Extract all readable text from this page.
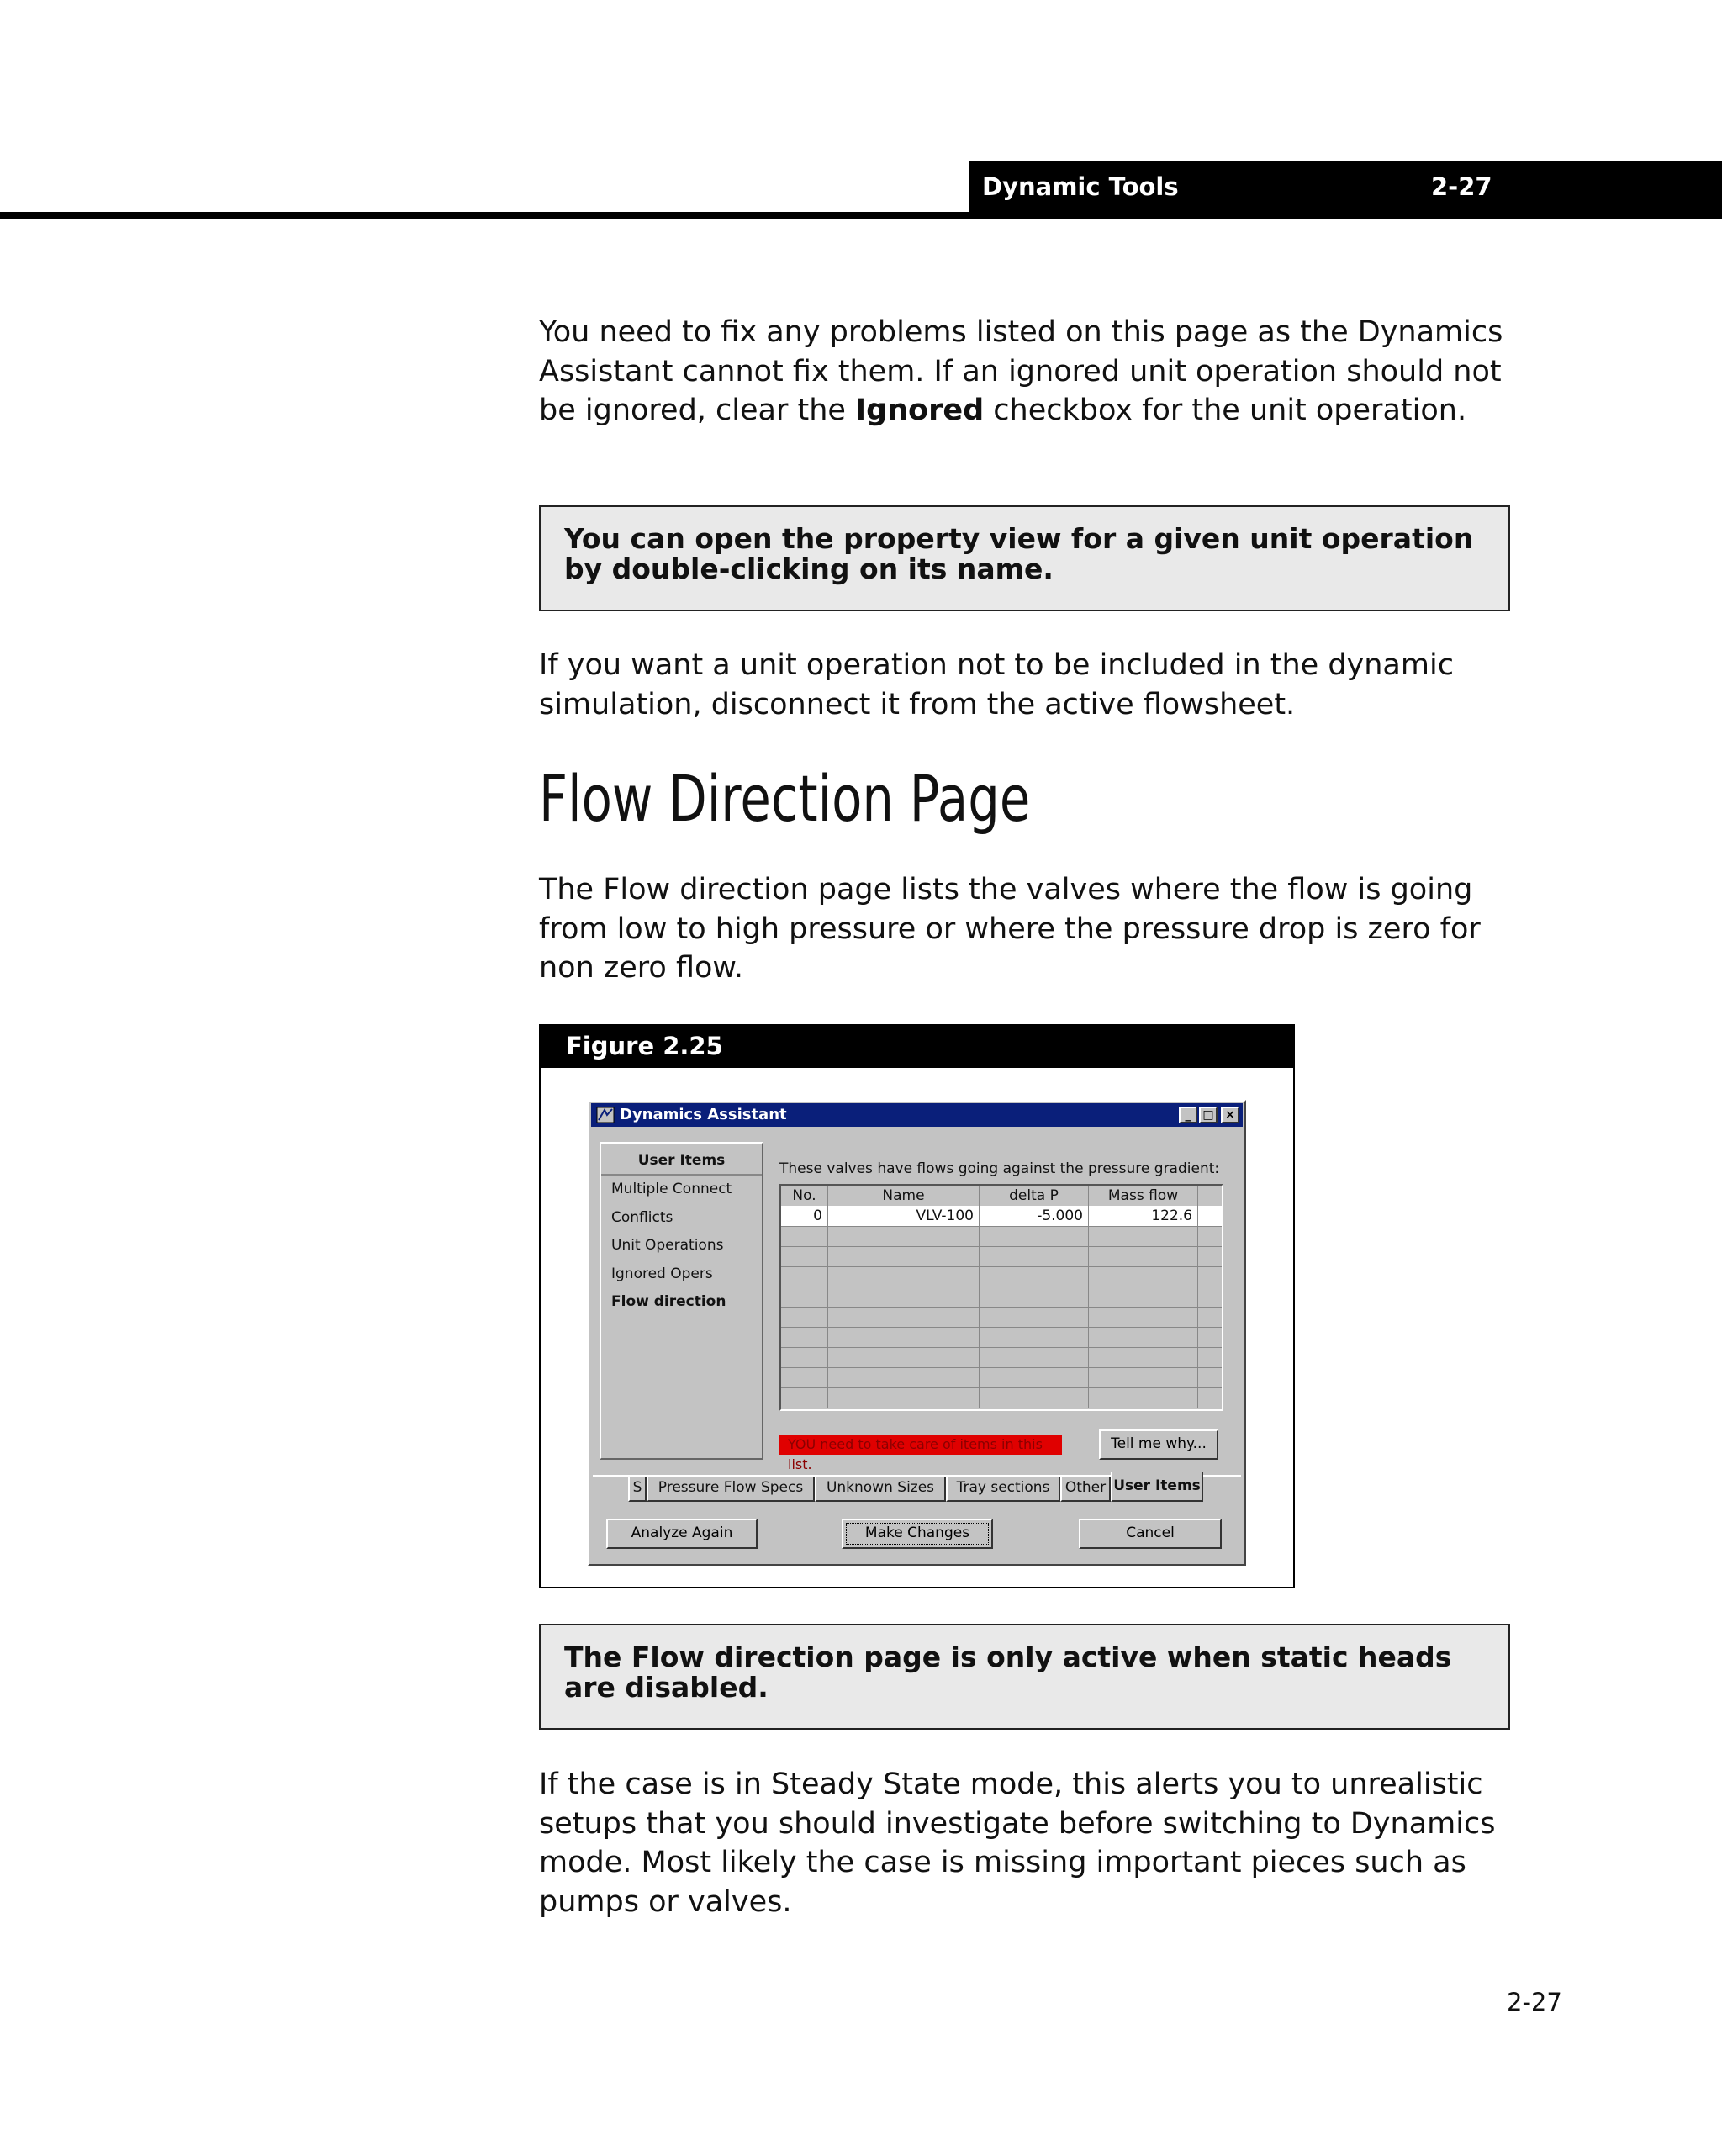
Dynamic Tools	2-27

You need to fix any problems listed on this page as the Dynamics Assistant cannot fix them. If an ignored unit operation should not be ignored, clear the Ignored checkbox for the unit operation.

You can open the property view for a given unit operation by double-clicking on its name.

If you want a unit operation not to be included in the dynamic simulation, disconnect it from the active flowsheet.

Flow Direction Page

The Flow direction page lists the valves where the flow is going from low to high pressure or where the pressure drop is zero for non zero flow.

Figure 2.25
Dynamics Assistant	_ □ ×
User Items
Multiple Connect
Conflicts
Unit Operations
Ignored Opers
Flow direction
These valves have flows going against the pressure gradient:
No.	Name	delta P	Mass flow
0	VLV-100	-5.000	122.6
YOU need to take care of items in this list.
Tell me why...
S	Pressure Flow Specs	Unknown Sizes	Tray sections	Other User Items
Analyze Again	Make Changes	Cancel

The Flow direction page is only active when static heads are disabled.

If the case is in Steady State mode, this alerts you to unrealistic setups that you should investigate before switching to Dynamics mode. Most likely the case is missing important pieces such as pumps or valves.

2-27
